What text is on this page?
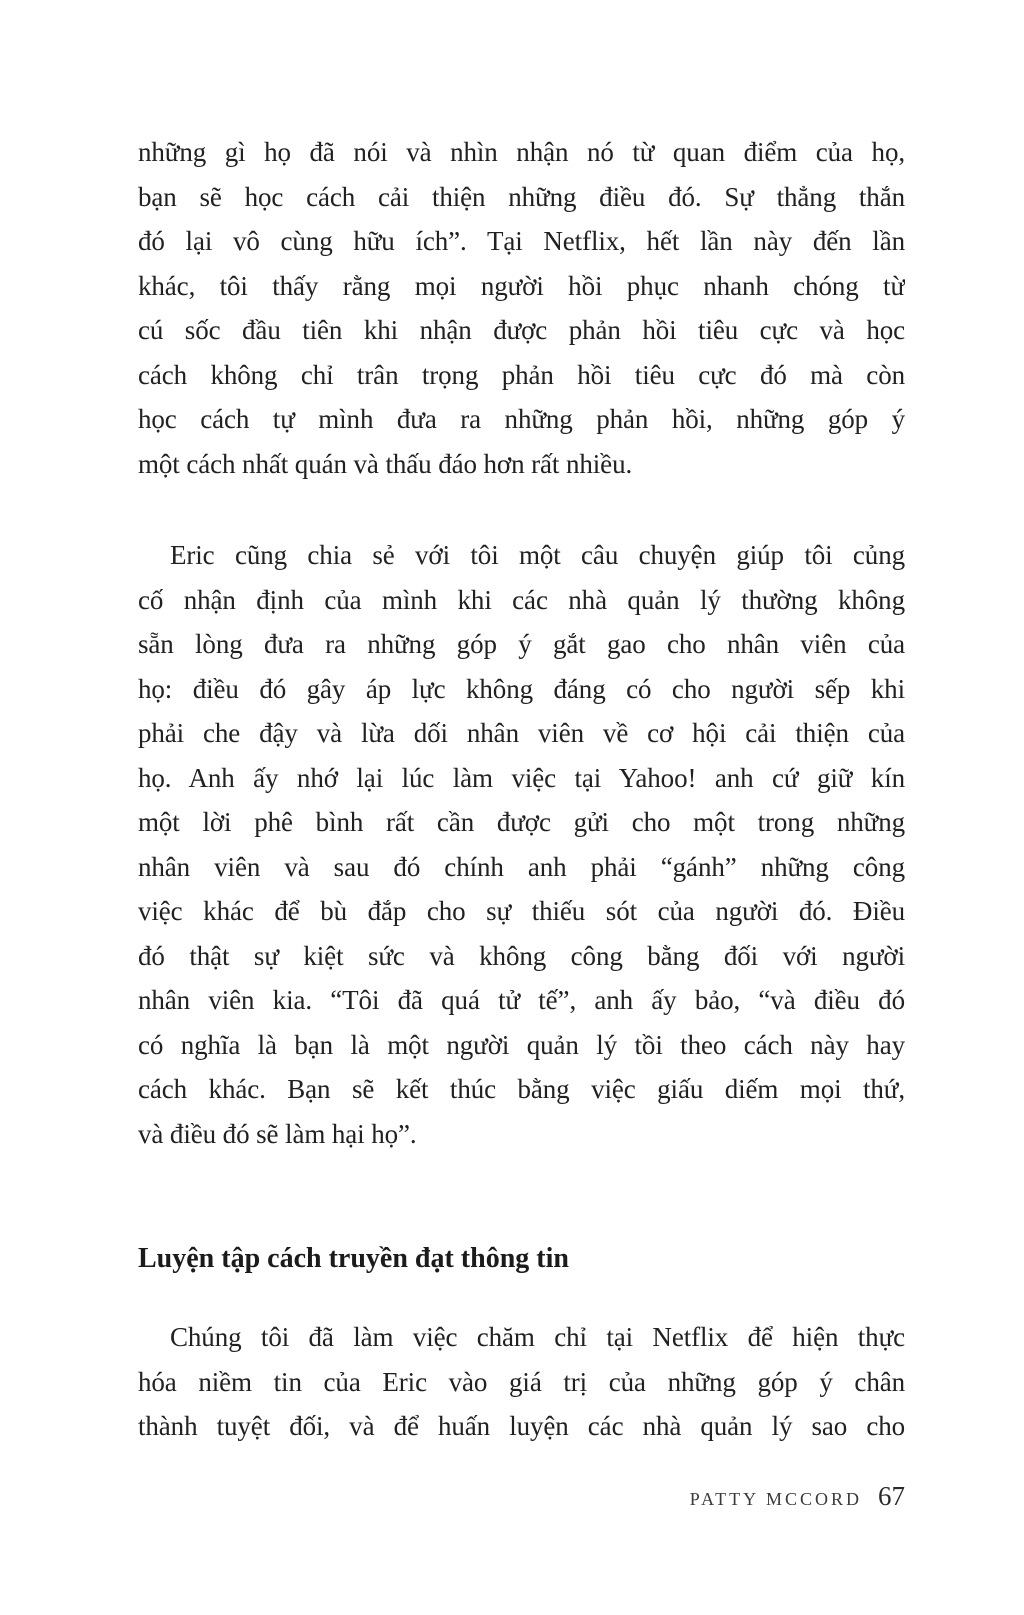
những gì họ đã nói và nhìn nhận nó từ quan điểm của họ,
bạn sẽ học cách cải thiện những điều đó. Sự thẳng thắn
đó lại vô cùng hữu ích”. Tại Netflix, hết lần này đến lần
khác, tôi thấy rằng mọi người hồi phục nhanh chóng từ
cú sốc đầu tiên khi nhận được phản hồi tiêu cực và học
cách không chỉ trân trọng phản hồi tiêu cực đó mà còn
học cách tự mình đưa ra những phản hồi, những góp ý
một cách nhất quán và thấu đáo hơn rất nhiều.
Eric cũng chia sẻ với tôi một câu chuyện giúp tôi củng
cố nhận định của mình khi các nhà quản lý thường không
sẵn lòng đưa ra những góp ý gắt gao cho nhân viên của
họ: điều đó gây áp lực không đáng có cho người sếp khi
phải che đậy và lừa dối nhân viên về cơ hội cải thiện của
họ. Anh ấy nhớ lại lúc làm việc tại Yahoo! anh cứ giữ kín
một lời phê bình rất cần được gửi cho một trong những
nhân viên và sau đó chính anh phải “gánh” những công
việc khác để bù đắp cho sự thiếu sót của người đó. Điều
đó thật sự kiệt sức và không công bằng đối với người
nhân viên kia. “Tôi đã quá tử tế”, anh ấy bảo, “và điều đó
có nghĩa là bạn là một người quản lý tồi theo cách này hay
cách khác. Bạn sẽ kết thúc bằng việc giấu diếm mọi thứ,
và điều đó sẽ làm hại họ”.
Luyện tập cách truyền đạt thông tin
Chúng tôi đã làm việc chăm chỉ tại Netflix để hiện thực
hóa niềm tin của Eric vào giá trị của những góp ý chân
thành tuyệt đối, và để huấn luyện các nhà quản lý sao cho
PATTY MCCORD 67
